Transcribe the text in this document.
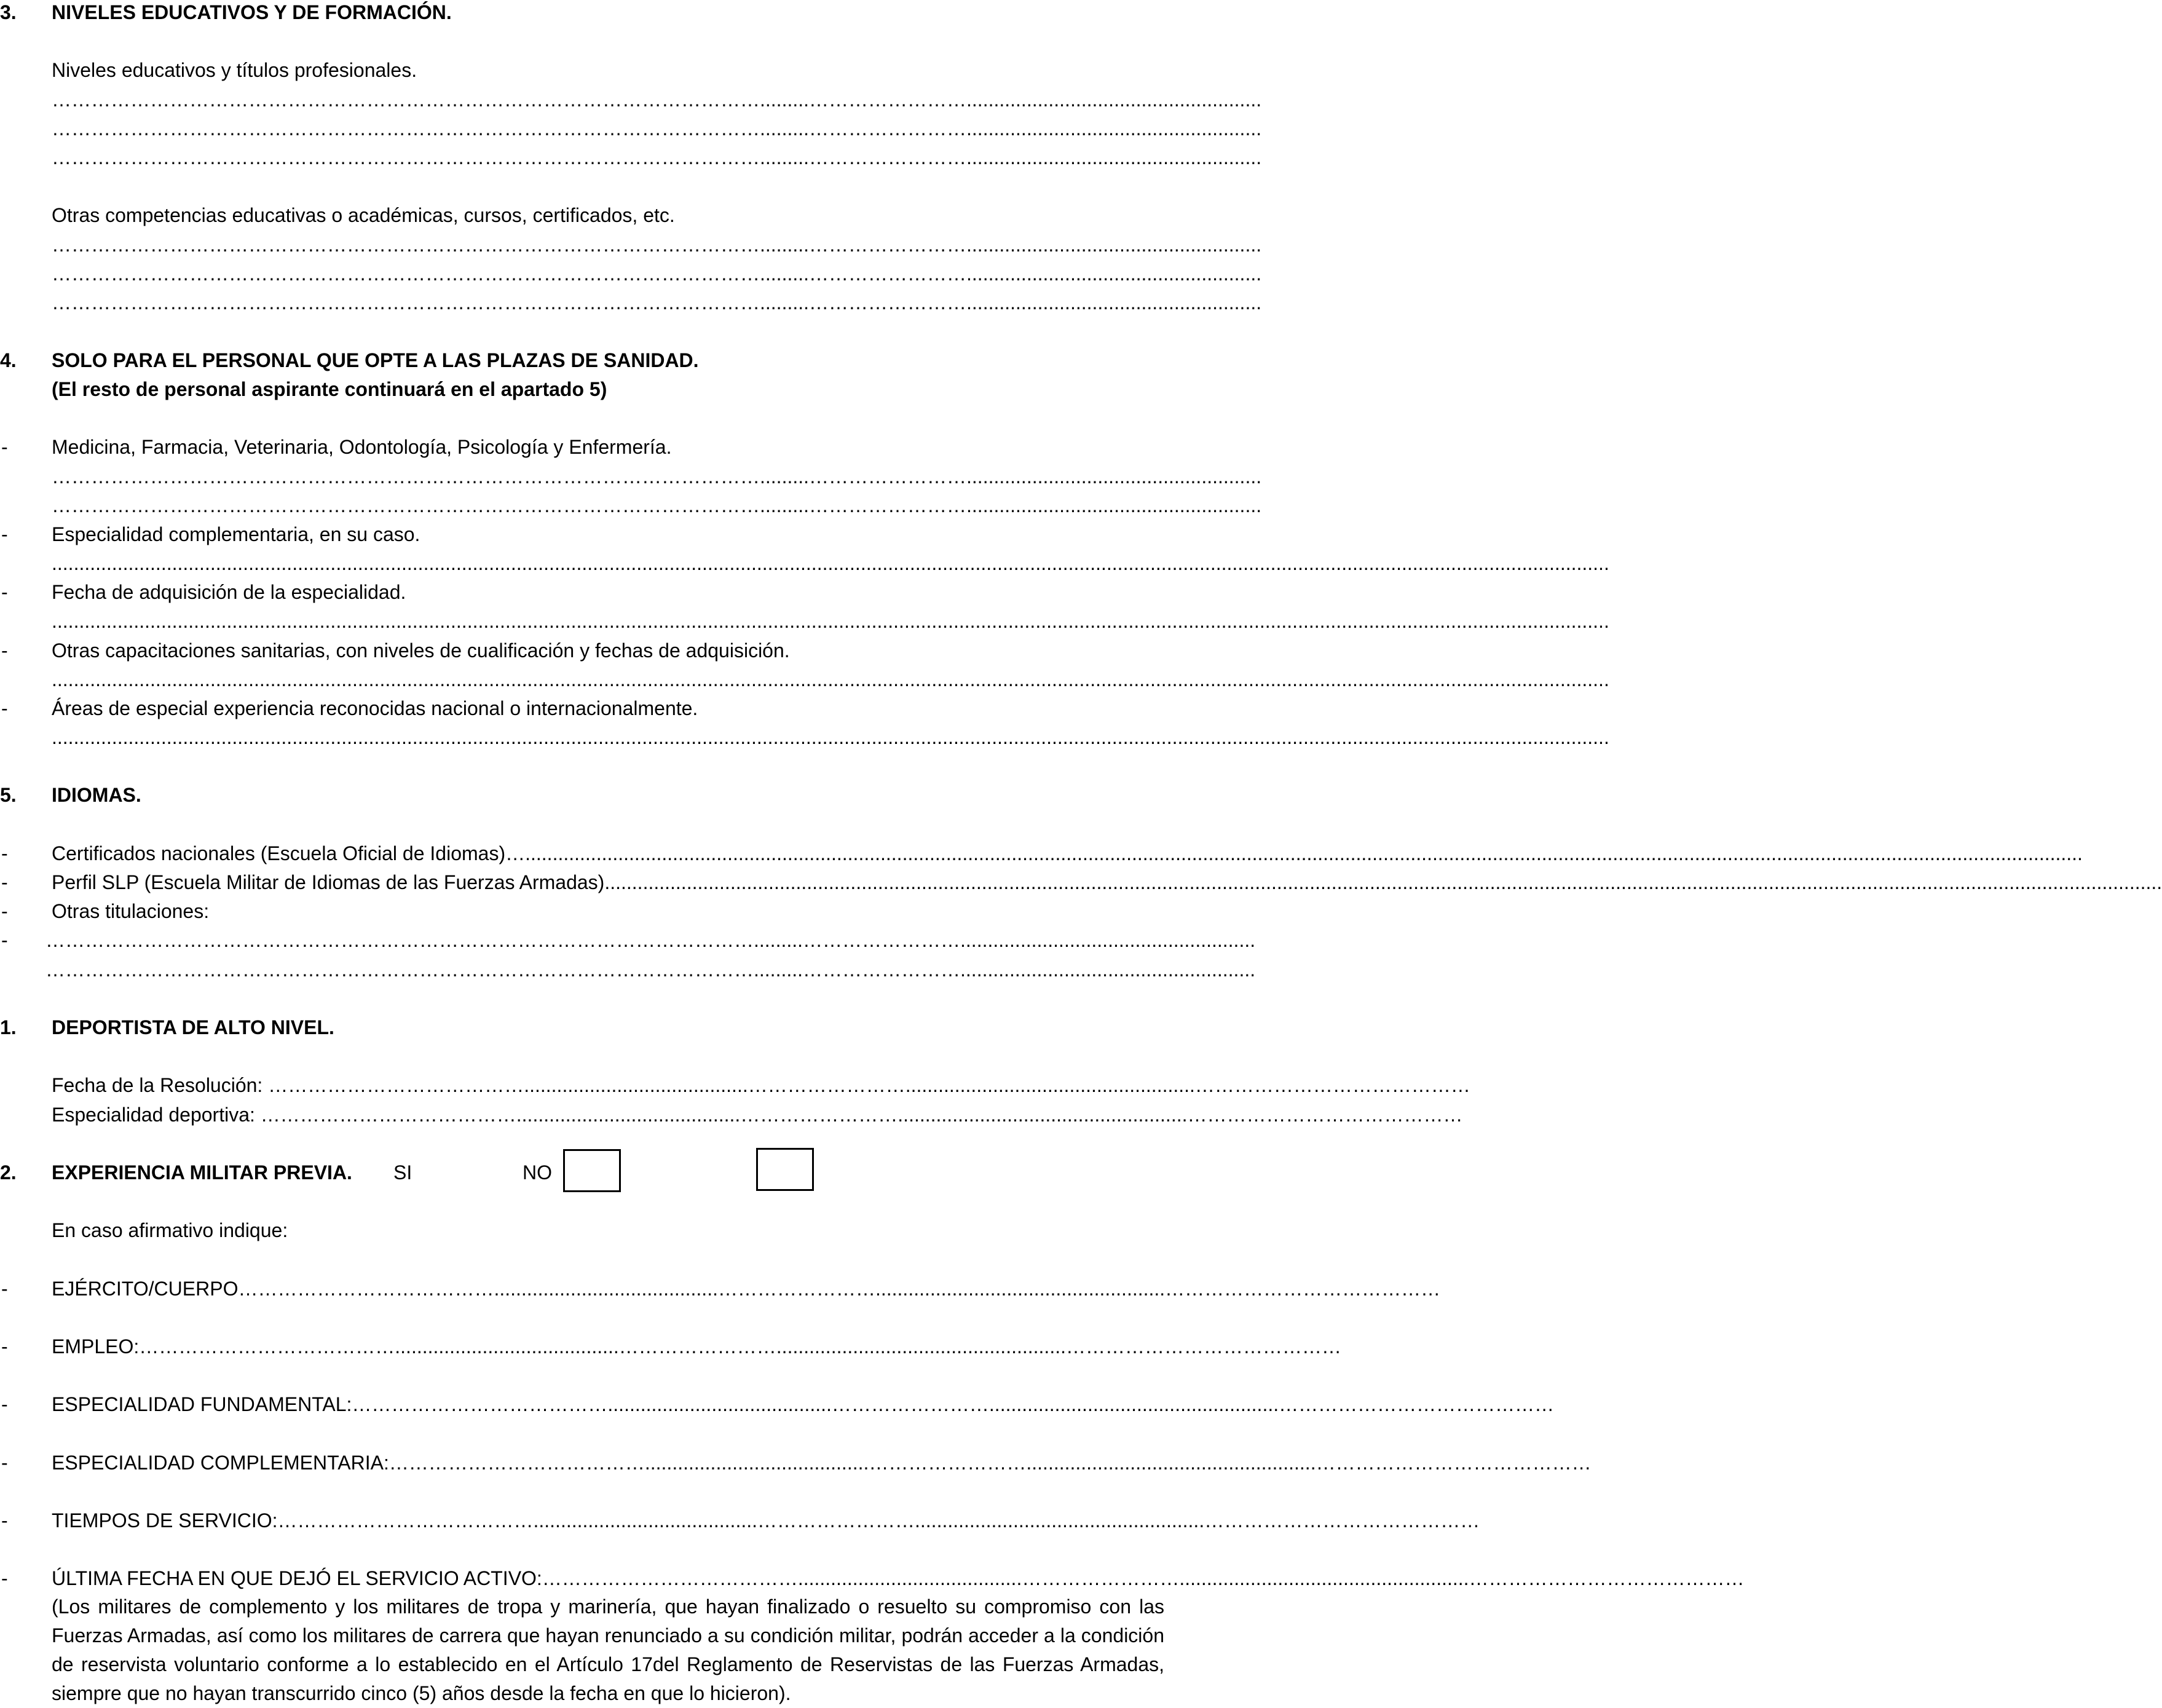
3. NIVELES EDUCATIVOS Y DE FORMACIÓN.
Niveles educativos y títulos profesionales.
……………………………………………………………………………………………….........……………………......................................................
……………………………………………………………………………………………….........……………………......................................................
……………………………………………………………………………………………….........……………………......................................................
Otras competencias educativas o académicas, cursos, certificados, etc.
……………………………………………………………………………………………….........……………………......................................................
……………………………………………………………………………………………….........……………………......................................................
……………………………………………………………………………………………….........……………………......................................................
4. SOLO PARA EL PERSONAL QUE OPTE A LAS PLAZAS DE SANIDAD.
(El resto de personal aspirante continuará en el apartado 5)
- Medicina, Farmacia, Veterinaria, Odontología, Psicología y Enfermería.
……………………………………………………………………………………………….........……………………......................................................
……………………………………………………………………………………………….........……………………......................................................
- Especialidad complementaria, en su caso.
.............................................................................................................................................................................................................................................................................................
- Fecha de adquisición de la especialidad.
.............................................................................................................................................................................................................................................................................................
- Otras capacitaciones sanitarias, con niveles de cualificación y fechas de adquisición.
.............................................................................................................................................................................................................................................................................................
- Áreas de especial experiencia reconocidas nacional o internacionalmente.
.............................................................................................................................................................................................................................................................................................
5. IDIOMAS.
- Certificados nacionales (Escuela Oficial de Idiomas)….............................................................................................................................................................................................................................................................................................
- Perfil SLP (Escuela Militar de Idiomas de las Fuerzas Armadas).............................................................................................................................................................................................................................................................................................
- Otras titulaciones:
- ……………………………………………………………………………………………….........……………………......................................................
……………………………………………………………………………………………….........……………………......................................................
1. DEPORTISTA DE ALTO NIVEL.
Fecha de la Resolución: ………………………………….........................................…………………….....................................................……………………………………
Especialidad deportiva: ………………………………….........................................…………………….....................................................……………………………………
2. EXPERIENCIA MILITAR PREVIA. SI	NO
En caso afirmativo indique:
- EJÉRCITO/CUERPO………………………………….........................................…………………….....................................................……………………………………
- EMPLEO:………………………………….........................................…………………….....................................................……………………………………
- ESPECIALIDAD FUNDAMENTAL:………………………………….........................................…………………….....................................................……………………………………
- ESPECIALIDAD COMPLEMENTARIA:………………………………….........................................…………………….....................................................……………………………………
- TIEMPOS DE SERVICIO:………………………………….........................................…………………….....................................................……………………………………
- ÚLTIMA FECHA EN QUE DEJÓ EL SERVICIO ACTIVO:………………………………….........................................…………………….....................................................……………………………………
(Los militares de complemento y los militares de tropa y marinería, que hayan finalizado o resuelto su compromiso con las Fuerzas Armadas, así como los militares de carrera que hayan renunciado a su condición militar, podrán acceder a la condición de reservista voluntario conforme a lo establecido en el Artículo 17del Reglamento de Reservistas de las Fuerzas Armadas, siempre que no hayan transcurrido cinco (5) años desde la fecha en que lo hicieron).
